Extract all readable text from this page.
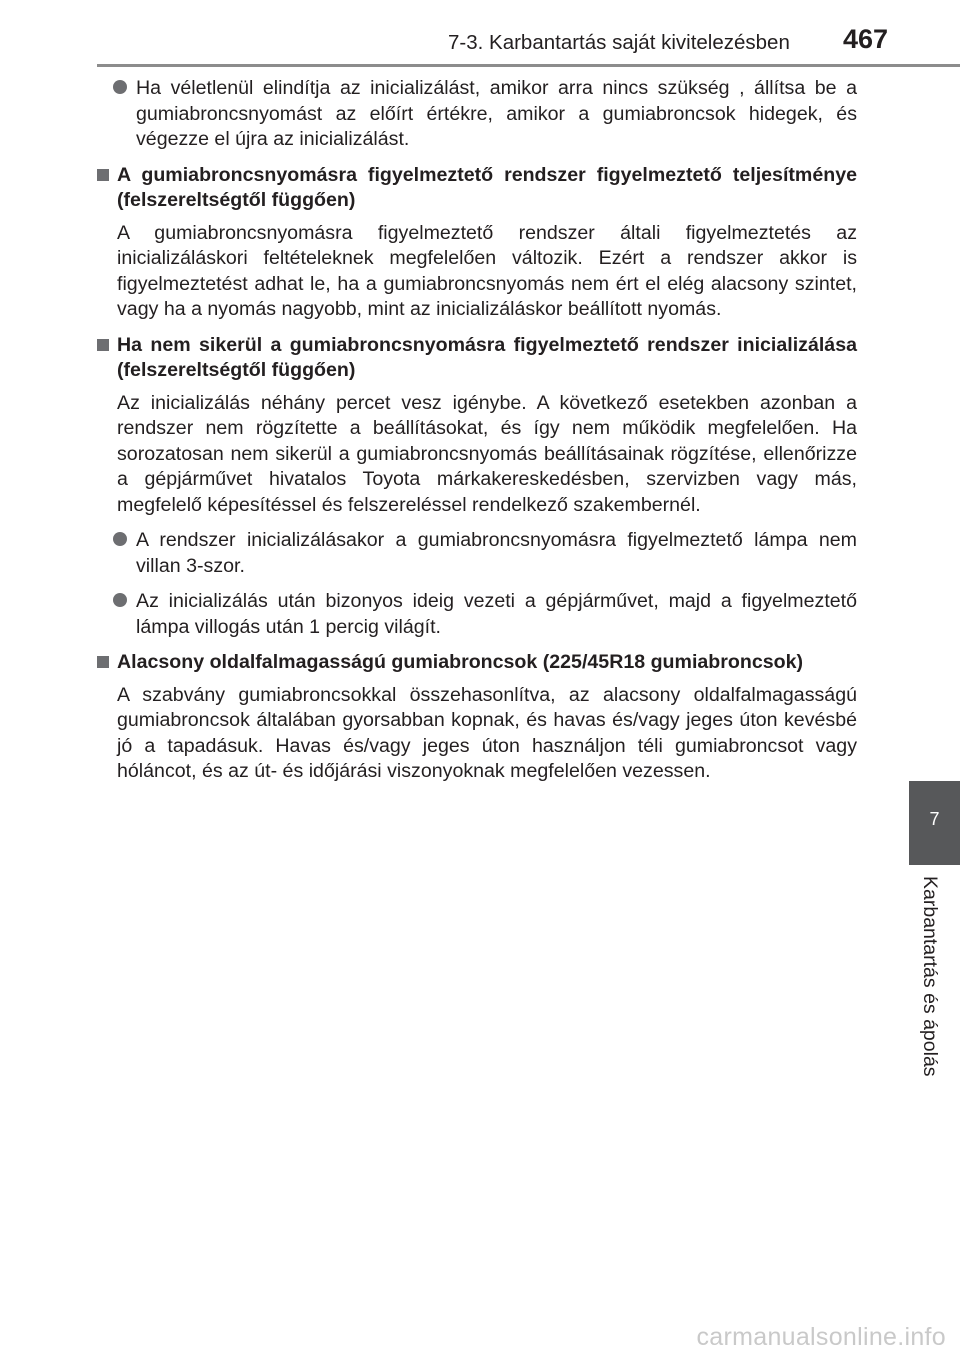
7-3. Karbantartás saját kivitelezésben 467
7
Karbantartás és ápolás
Ha véletlenül elindítja az inicializálást, amikor arra nincs szükség , állítsa be a gumiabroncsnyomást az előírt értékre, amikor a gumiabroncsok hidegek, és végezze el újra az inicializálást.
A gumiabroncsnyomásra figyelmeztető rendszer figyelmeztető teljesítménye (felszereltségtől függően)
A gumiabroncsnyomásra figyelmeztető rendszer általi figyelmeztetés az inicializáláskori feltételeknek megfelelően változik. Ezért a rendszer akkor is figyelmeztetést adhat le, ha a gumiabroncsnyomás nem ért el elég alacsony szintet, vagy ha a nyomás nagyobb, mint az inicializáláskor beállított nyomás.
Ha nem sikerül a gumiabroncsnyomásra figyelmeztető rendszer inicializálása (felszereltségtől függően)
Az inicializálás néhány percet vesz igénybe. A következő esetekben azonban a rendszer nem rögzítette a beállításokat, és így nem működik megfelelően. Ha sorozatosan nem sikerül a gumiabroncsnyomás beállításainak rögzítése, ellenőrizze a gépjárművet hivatalos Toyota márkakereskedésben, szervizben vagy más, megfelelő képesítéssel és felszereléssel rendelkező szakembernél.
A rendszer inicializálásakor a gumiabroncsnyomásra figyelmeztető lámpa nem villan 3-szor.
Az inicializálás után bizonyos ideig vezeti a gépjárművet, majd a figyelmeztető lámpa villogás után 1 percig világít.
Alacsony oldalfalmagasságú gumiabroncsok (225/45R18 gumiabroncsok)
A szabvány gumiabroncsokkal összehasonlítva, az alacsony oldalfalmagasságú gumiabroncsok általában gyorsabban kopnak, és havas és/vagy jeges úton kevésbé jó a tapadásuk. Havas és/vagy jeges úton használjon téli gumiabroncsot vagy hóláncot, és az út- és időjárási viszonyoknak megfelelően vezessen.
carmanualsonline.info
